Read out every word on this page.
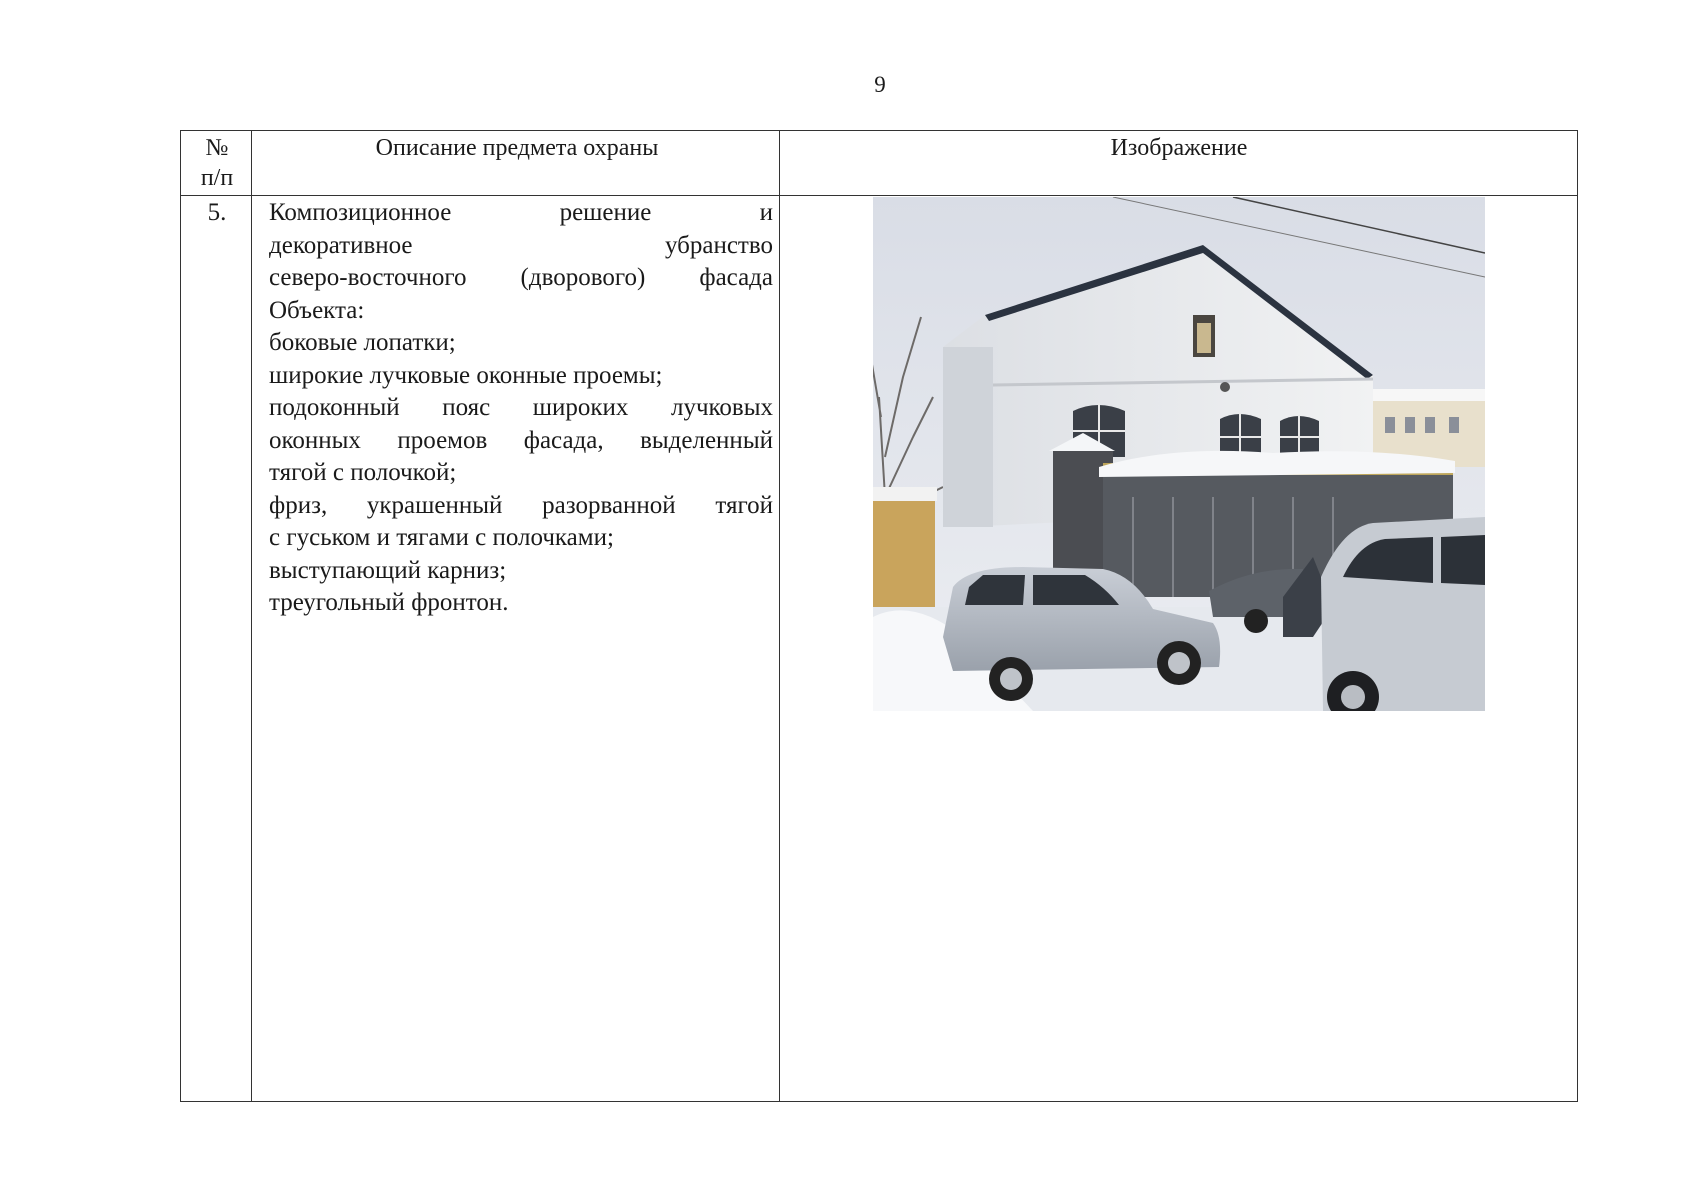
9
№
п/п
Описание предмета охраны	Изображение
5.	Композиционное решение и
декоративное убранство
северо-восточного (дворового) фасада
Объекта:
боковые лопатки;
широкие лучковые оконные проемы;
подоконный пояс широких лучковых
оконных проемов фасада, выделенный
тягой с полочкой;
фриз, украшенный разорванной тягой
с гуськом и тягами с полочками;
выступающий карниз;
треугольный фронтон.
